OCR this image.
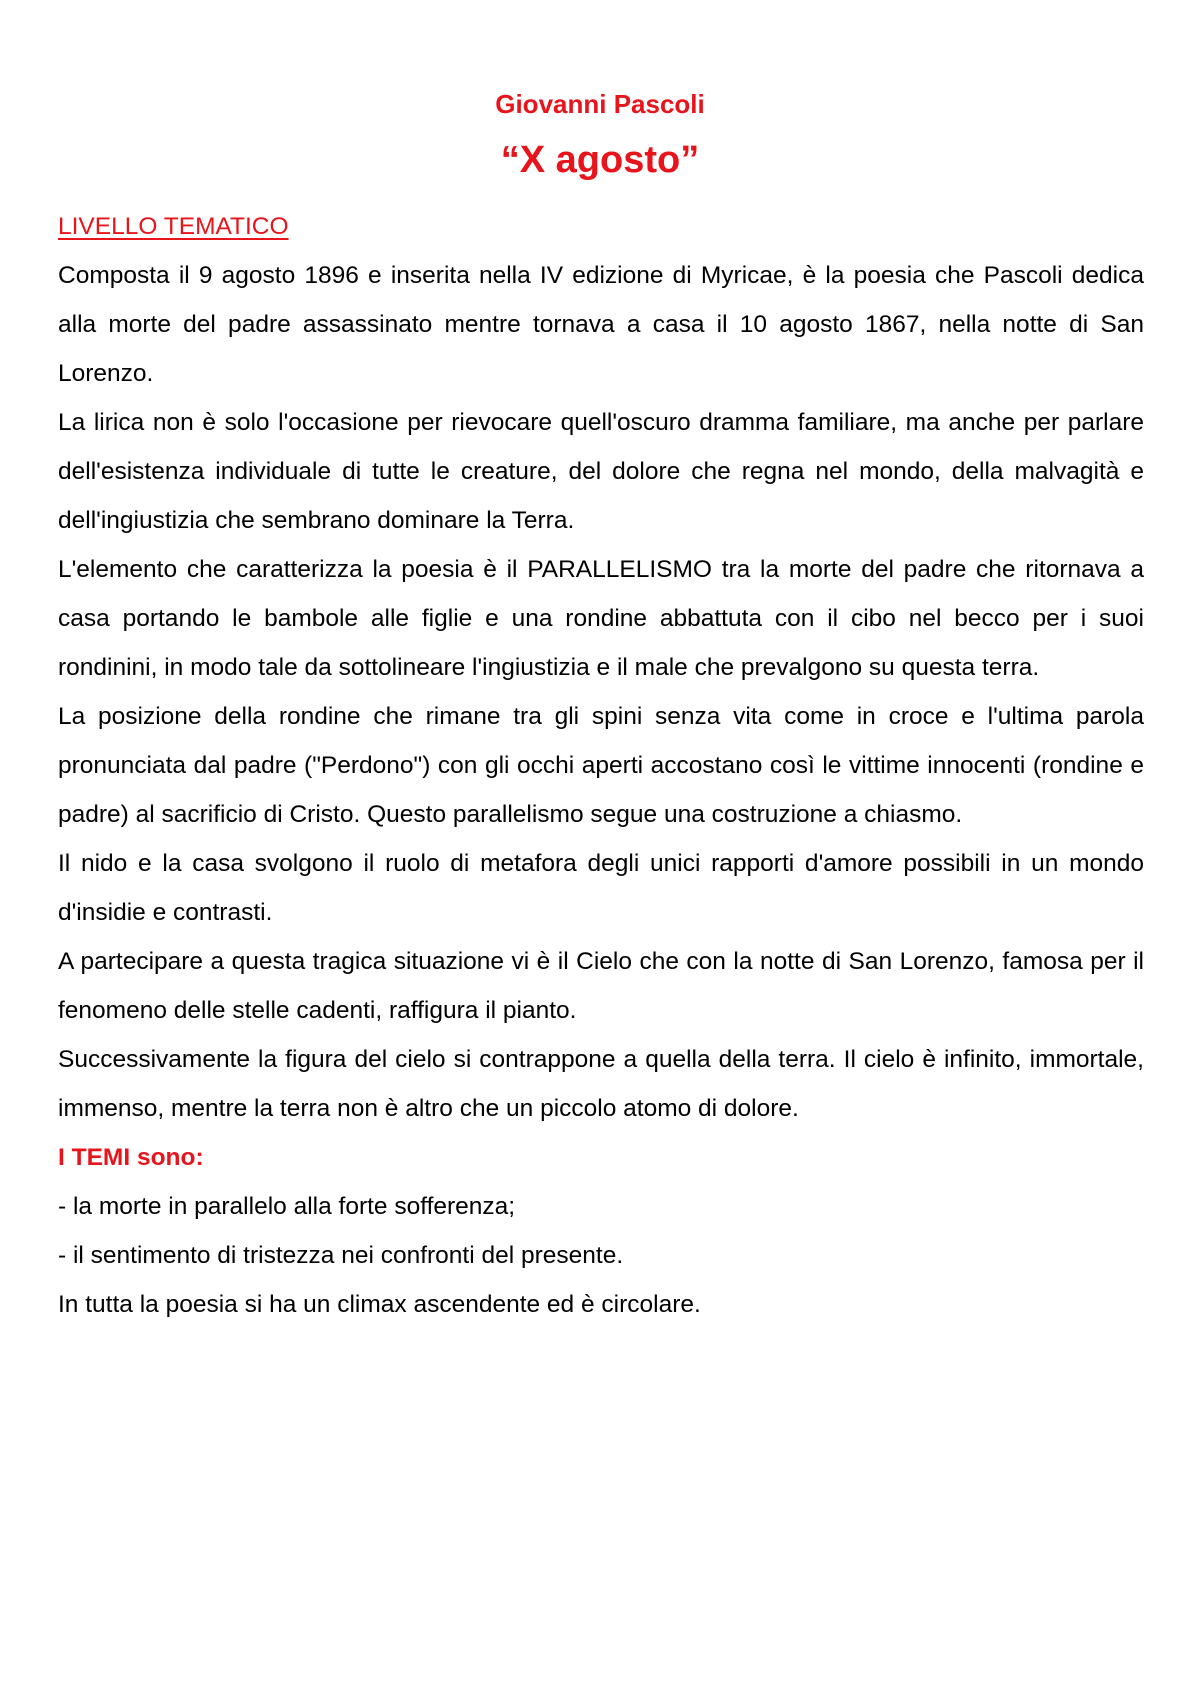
Giovanni Pascoli
“X agosto”

LIVELLO TEMATICO

Composta il 9 agosto 1896 e inserita nella IV edizione di Myricae, è la poesia che Pascoli dedica alla morte del padre assassinato mentre tornava a casa il 10 agosto 1867, nella notte di San Lorenzo.

La lirica non è solo l'occasione per rievocare quell'oscuro dramma familiare, ma anche per parlare dell'esistenza individuale di tutte le creature, del dolore che regna nel mondo, della malvagità e dell'ingiustizia che sembrano dominare la Terra.

L'elemento che caratterizza la poesia è il PARALLELISMO tra la morte del padre che ritornava a casa portando le bambole alle figlie e una rondine abbattuta con il cibo nel becco per i suoi rondinini, in modo tale da sottolineare l'ingiustizia e il male che prevalgono su questa terra.

La posizione della rondine che rimane tra gli spini senza vita come in croce e l'ultima parola pronunciata dal padre ("Perdono") con gli occhi aperti accostano così le vittime innocenti (rondine e padre) al sacrificio di Cristo. Questo parallelismo segue una costruzione a chiasmo.

Il nido e la casa svolgono il ruolo di metafora degli unici rapporti d'amore possibili in un mondo d'insidie e contrasti.

A partecipare a questa tragica situazione vi è il Cielo che con la notte di San Lorenzo, famosa per il fenomeno delle stelle cadenti, raffigura il pianto.

Successivamente la figura del cielo si contrappone a quella della terra. Il cielo è infinito, immortale, immenso, mentre la terra non è altro che un piccolo atomo di dolore.

I TEMI sono:

- la morte in parallelo alla forte sofferenza;

- il sentimento di tristezza nei confronti del presente.

In tutta la poesia si ha un climax ascendente ed è circolare.
